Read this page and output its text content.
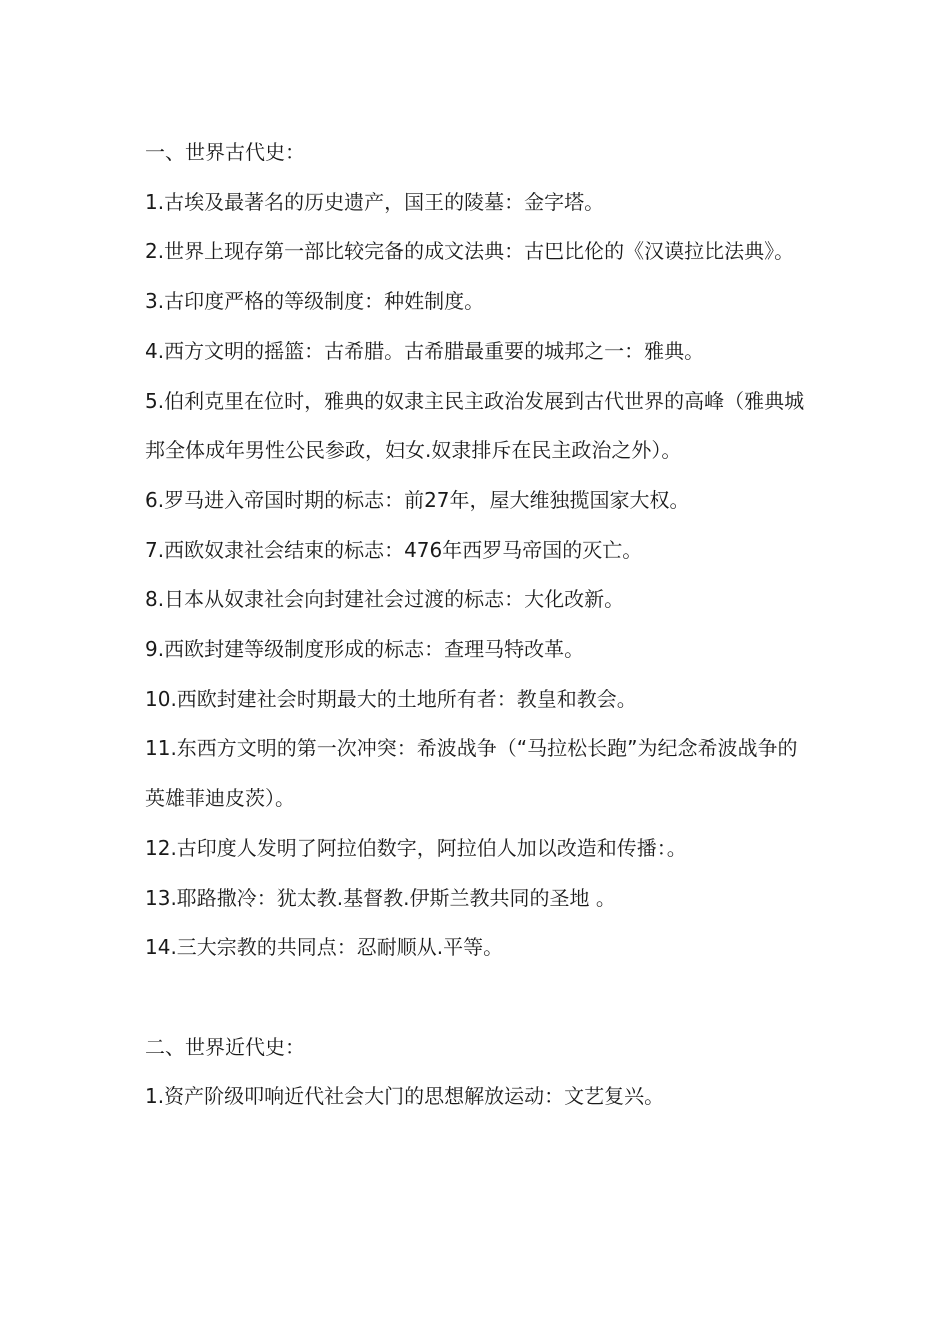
一、世界古代史：

1.古埃及最著名的历史遗产，国王的陵墓：金字塔。

2.世界上现存第一部比较完备的成文法典：古巴比伦的《汉谟拉比法典》。

3.古印度严格的等级制度：种姓制度。

4.西方文明的摇篮：古希腊。古希腊最重要的城邦之一：雅典。

5.伯利克里在位时，雅典的奴隶主民主政治发展到古代世界的高峰（雅典城邦全体成年男性公民参政，妇女.奴隶排斥在民主政治之外）。

6.罗马进入帝国时期的标志：前27年，屋大维独揽国家大权。

7.西欧奴隶社会结束的标志：476年西罗马帝国的灭亡。

8.日本从奴隶社会向封建社会过渡的标志：大化改新。

9.西欧封建等级制度形成的标志：查理马特改革。

10.西欧封建社会时期最大的土地所有者：教皇和教会。

11.东西方文明的第一次冲突：希波战争（“马拉松长跑”为纪念希波战争的英雄菲迪皮茨）。

12.古印度人发明了阿拉伯数字，阿拉伯人加以改造和传播：。

13.耶路撒冷：犹太教.基督教.伊斯兰教共同的圣地 。

14.三大宗教的共同点：忍耐顺从.平等。

二、世界近代史：

1.资产阶级叩响近代社会大门的思想解放运动：文艺复兴。
